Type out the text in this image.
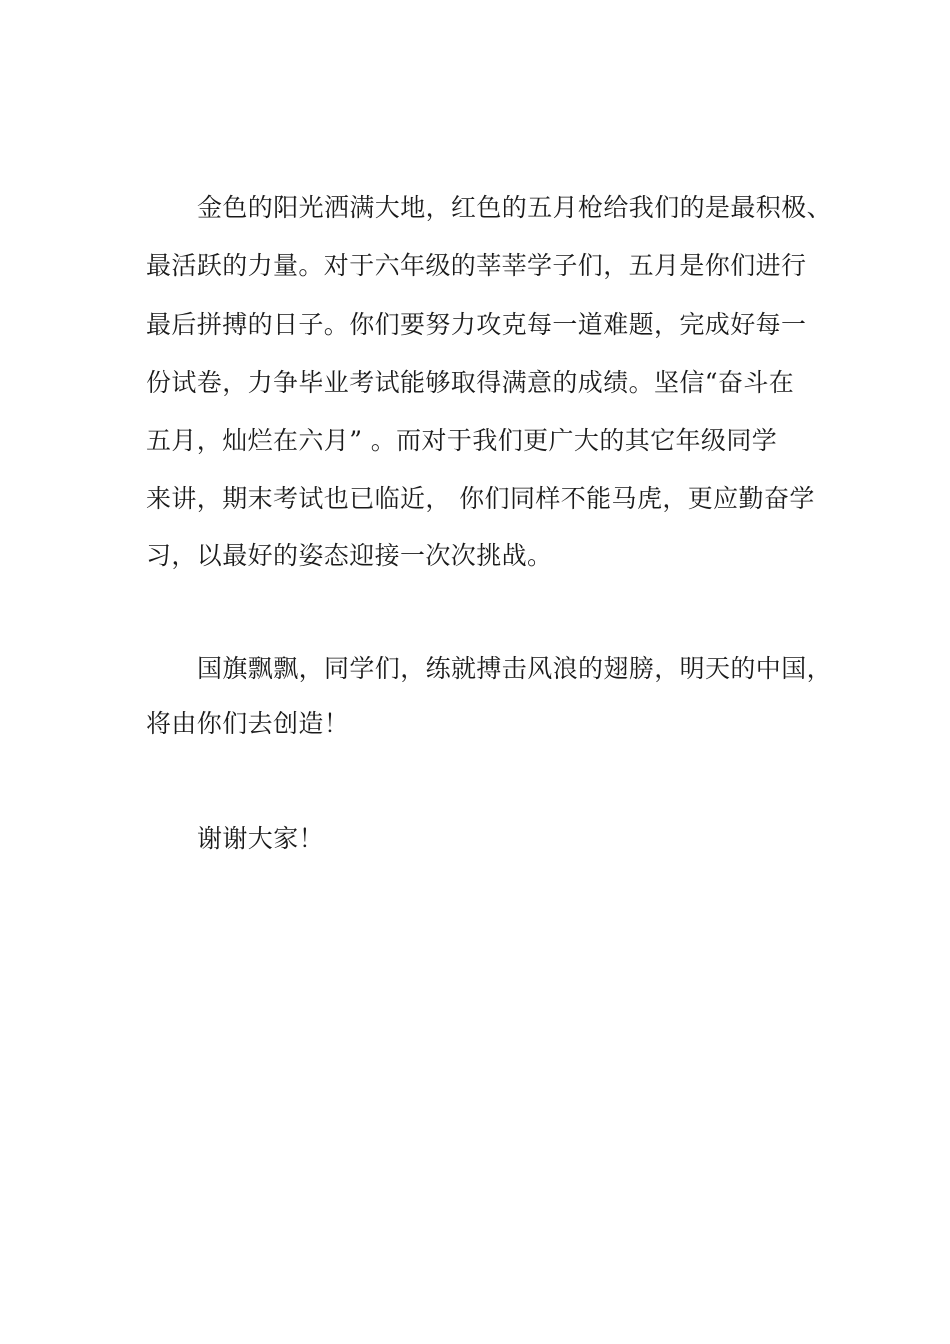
金色的阳光洒满大地，红色的五月枪给我们的是最积极、
最活跃的力量。对于六年级的莘莘学子们，五月是你们进行
最后拼搏的日子。你们要努力攻克每一道难题，完成好每一
份试卷，力争毕业考试能够取得满意的成绩。坚信“奋斗在
五月，灿烂在六月” 。而对于我们更广大的其它年级同学
来讲，期末考试也已临近， 你们同样不能马虎，更应勤奋学
习，以最好的姿态迎接一次次挑战。
国旗飘飘，同学们，练就搏击风浪的翅膀，明天的中国，
将由你们去创造！
谢谢大家！
